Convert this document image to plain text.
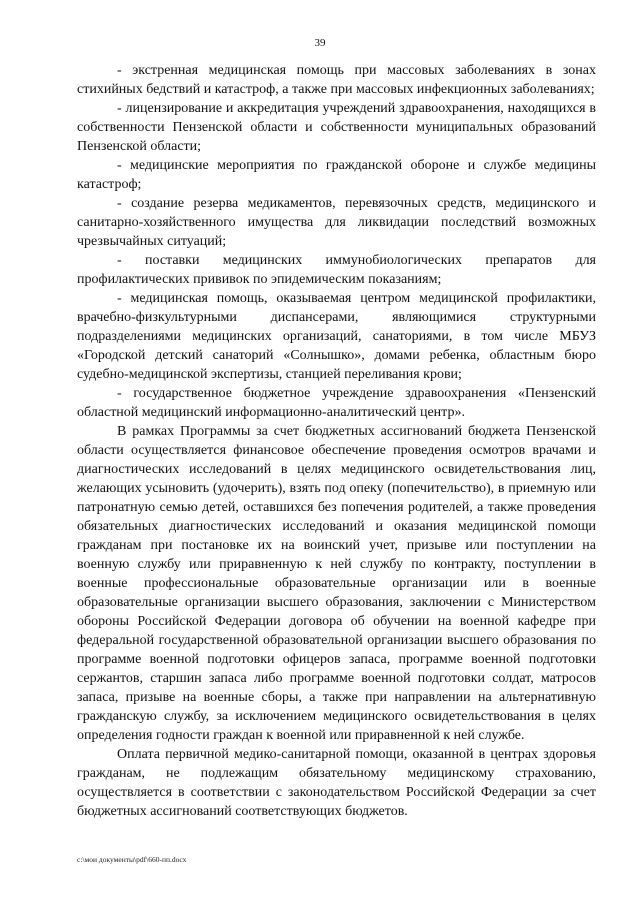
39

- экстренная медицинская помощь при массовых заболеваниях в зонах стихийных бедствий и катастроф, а также при массовых инфекционных заболеваниях;

- лицензирование и аккредитация учреждений здравоохранения, находящихся в собственности Пензенской области и собственности муниципальных образований Пензенской области;

- медицинские мероприятия по гражданской обороне и службе медицины катастроф;

- создание резерва медикаментов, перевязочных средств, медицинского и санитарно-хозяйственного имущества для ликвидации последствий возможных чрезвычайных ситуаций;

- поставки медицинских иммунобиологических препаратов для профилактических прививок по эпидемическим показаниям;

- медицинская помощь, оказываемая центром медицинской профилактики, врачебно-физкультурными диспансерами, являющимися структурными подразделениями медицинских организаций, санаториями, в том числе МБУЗ «Городской детский санаторий «Солнышко», домами ребенка, областным бюро судебно-медицинской экспертизы, станцией переливания крови;

- государственное бюджетное учреждение здравоохранения «Пензенский областной медицинский информационно-аналитический центр».

В рамках Программы за счет бюджетных ассигнований бюджета Пензенской области осуществляется финансовое обеспечение проведения осмотров врачами и диагностических исследований в целях медицинского освидетельствования лиц, желающих усыновить (удочерить), взять под опеку (попечительство), в приемную или патронатную семью детей, оставшихся без попечения родителей, а также проведения обязательных диагностических исследований и оказания медицинской помощи гражданам при постановке их на воинский учет, призыве или поступлении на военную службу или приравненную к ней службу по контракту, поступлении в военные профессиональные образовательные организации или в военные образовательные организации высшего образования, заключении с Министерством обороны Российской Федерации договора об обучении на военной кафедре при федеральной государственной образовательной организации высшего образования по программе военной подготовки офицеров запаса, программе военной подготовки сержантов, старшин запаса либо программе военной подготовки солдат, матросов запаса, призыве на военные сборы, а также при направлении на альтернативную гражданскую службу, за исключением медицинского освидетельствования в целях определения годности граждан к военной или приравненной к ней службе.

Оплата первичной медико-санитарной помощи, оказанной в центрах здоровья гражданам, не подлежащим обязательному медицинскому страхованию, осуществляется в соответствии с законодательством Российской Федерации за счет бюджетных ассигнований соответствующих бюджетов.

c:\мои документы\pdf\660-пп.docx
